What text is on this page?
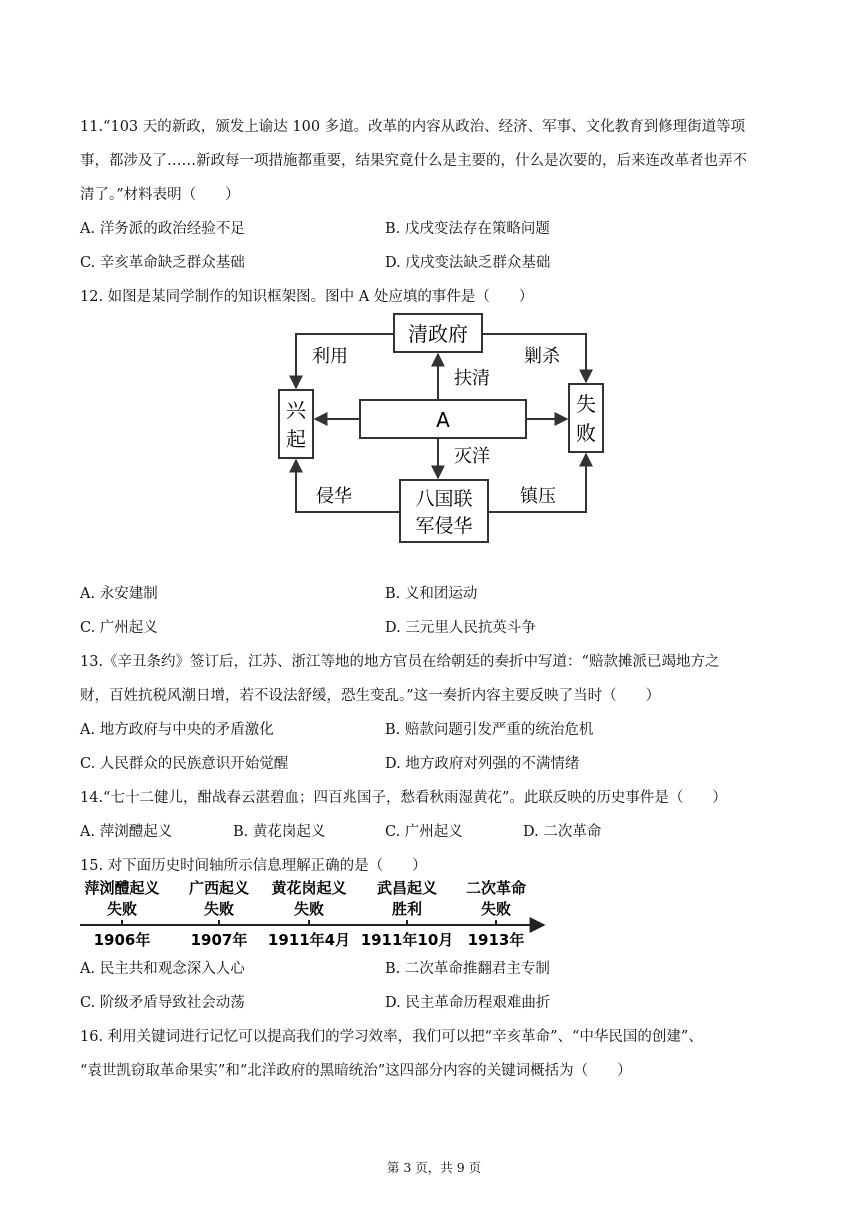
11.“103 天的新政，颁发上谕达 100 多道。改革的内容从政治、经济、军事、文化教育到修理街道等项
事，都涉及了……新政每一项措施都重要，结果究竟什么是主要的，什么是次要的，后来连改革者也弄不
清了。”材料表明（　　）
A. 洋务派的政治经验不足	B. 戊戌变法存在策略问题
C. 辛亥革命缺乏群众基础	D. 戊戌变法缺乏群众基础
12. 如图是某同学制作的知识框架图。图中 A 处应填的事件是（　　）
清政府
兴
起
失
败
A
八国联
军侵华
利用	剿杀
扶清
灭洋
侵华	镇压
A. 永安建制	B. 义和团运动
C. 广州起义	D. 三元里人民抗英斗争
13.《辛丑条约》签订后，江苏、浙江等地的地方官员在给朝廷的奏折中写道：“赔款摊派已竭地方之
财，百姓抗税风潮日增，若不设法舒缓，恐生变乱。”这一奏折内容主要反映了当时（　　）
A. 地方政府与中央的矛盾激化	B. 赔款问题引发严重的统治危机
C. 人民群众的民族意识开始觉醒	D. 地方政府对列强的不满情绪
14.“七十二健儿，酣战春云湛碧血；四百兆国子，愁看秋雨湿黄花”。此联反映的历史事件是（　　）
A. 萍浏醴起义	B. 黄花岗起义	C. 广州起义	D. 二次革命
15. 对下面历史时间轴所示信息理解正确的是（　　）
萍浏醴起义
失败
1906年
广西起义
失败
1907年
黄花岗起义
失败
1911年4月
武昌起义
胜利
1911年10月
二次革命
失败
1913年
A. 民主共和观念深入人心	B. 二次革命推翻君主专制
C. 阶级矛盾导致社会动荡	D. 民主革命历程艰难曲折
16. 利用关键词进行记忆可以提高我们的学习效率，我们可以把“辛亥革命”、“中华民国的创建”、
“袁世凯窃取革命果实”和“北洋政府的黑暗统治”这四部分内容的关键词概括为（　　）
第 3 页，共 9 页
